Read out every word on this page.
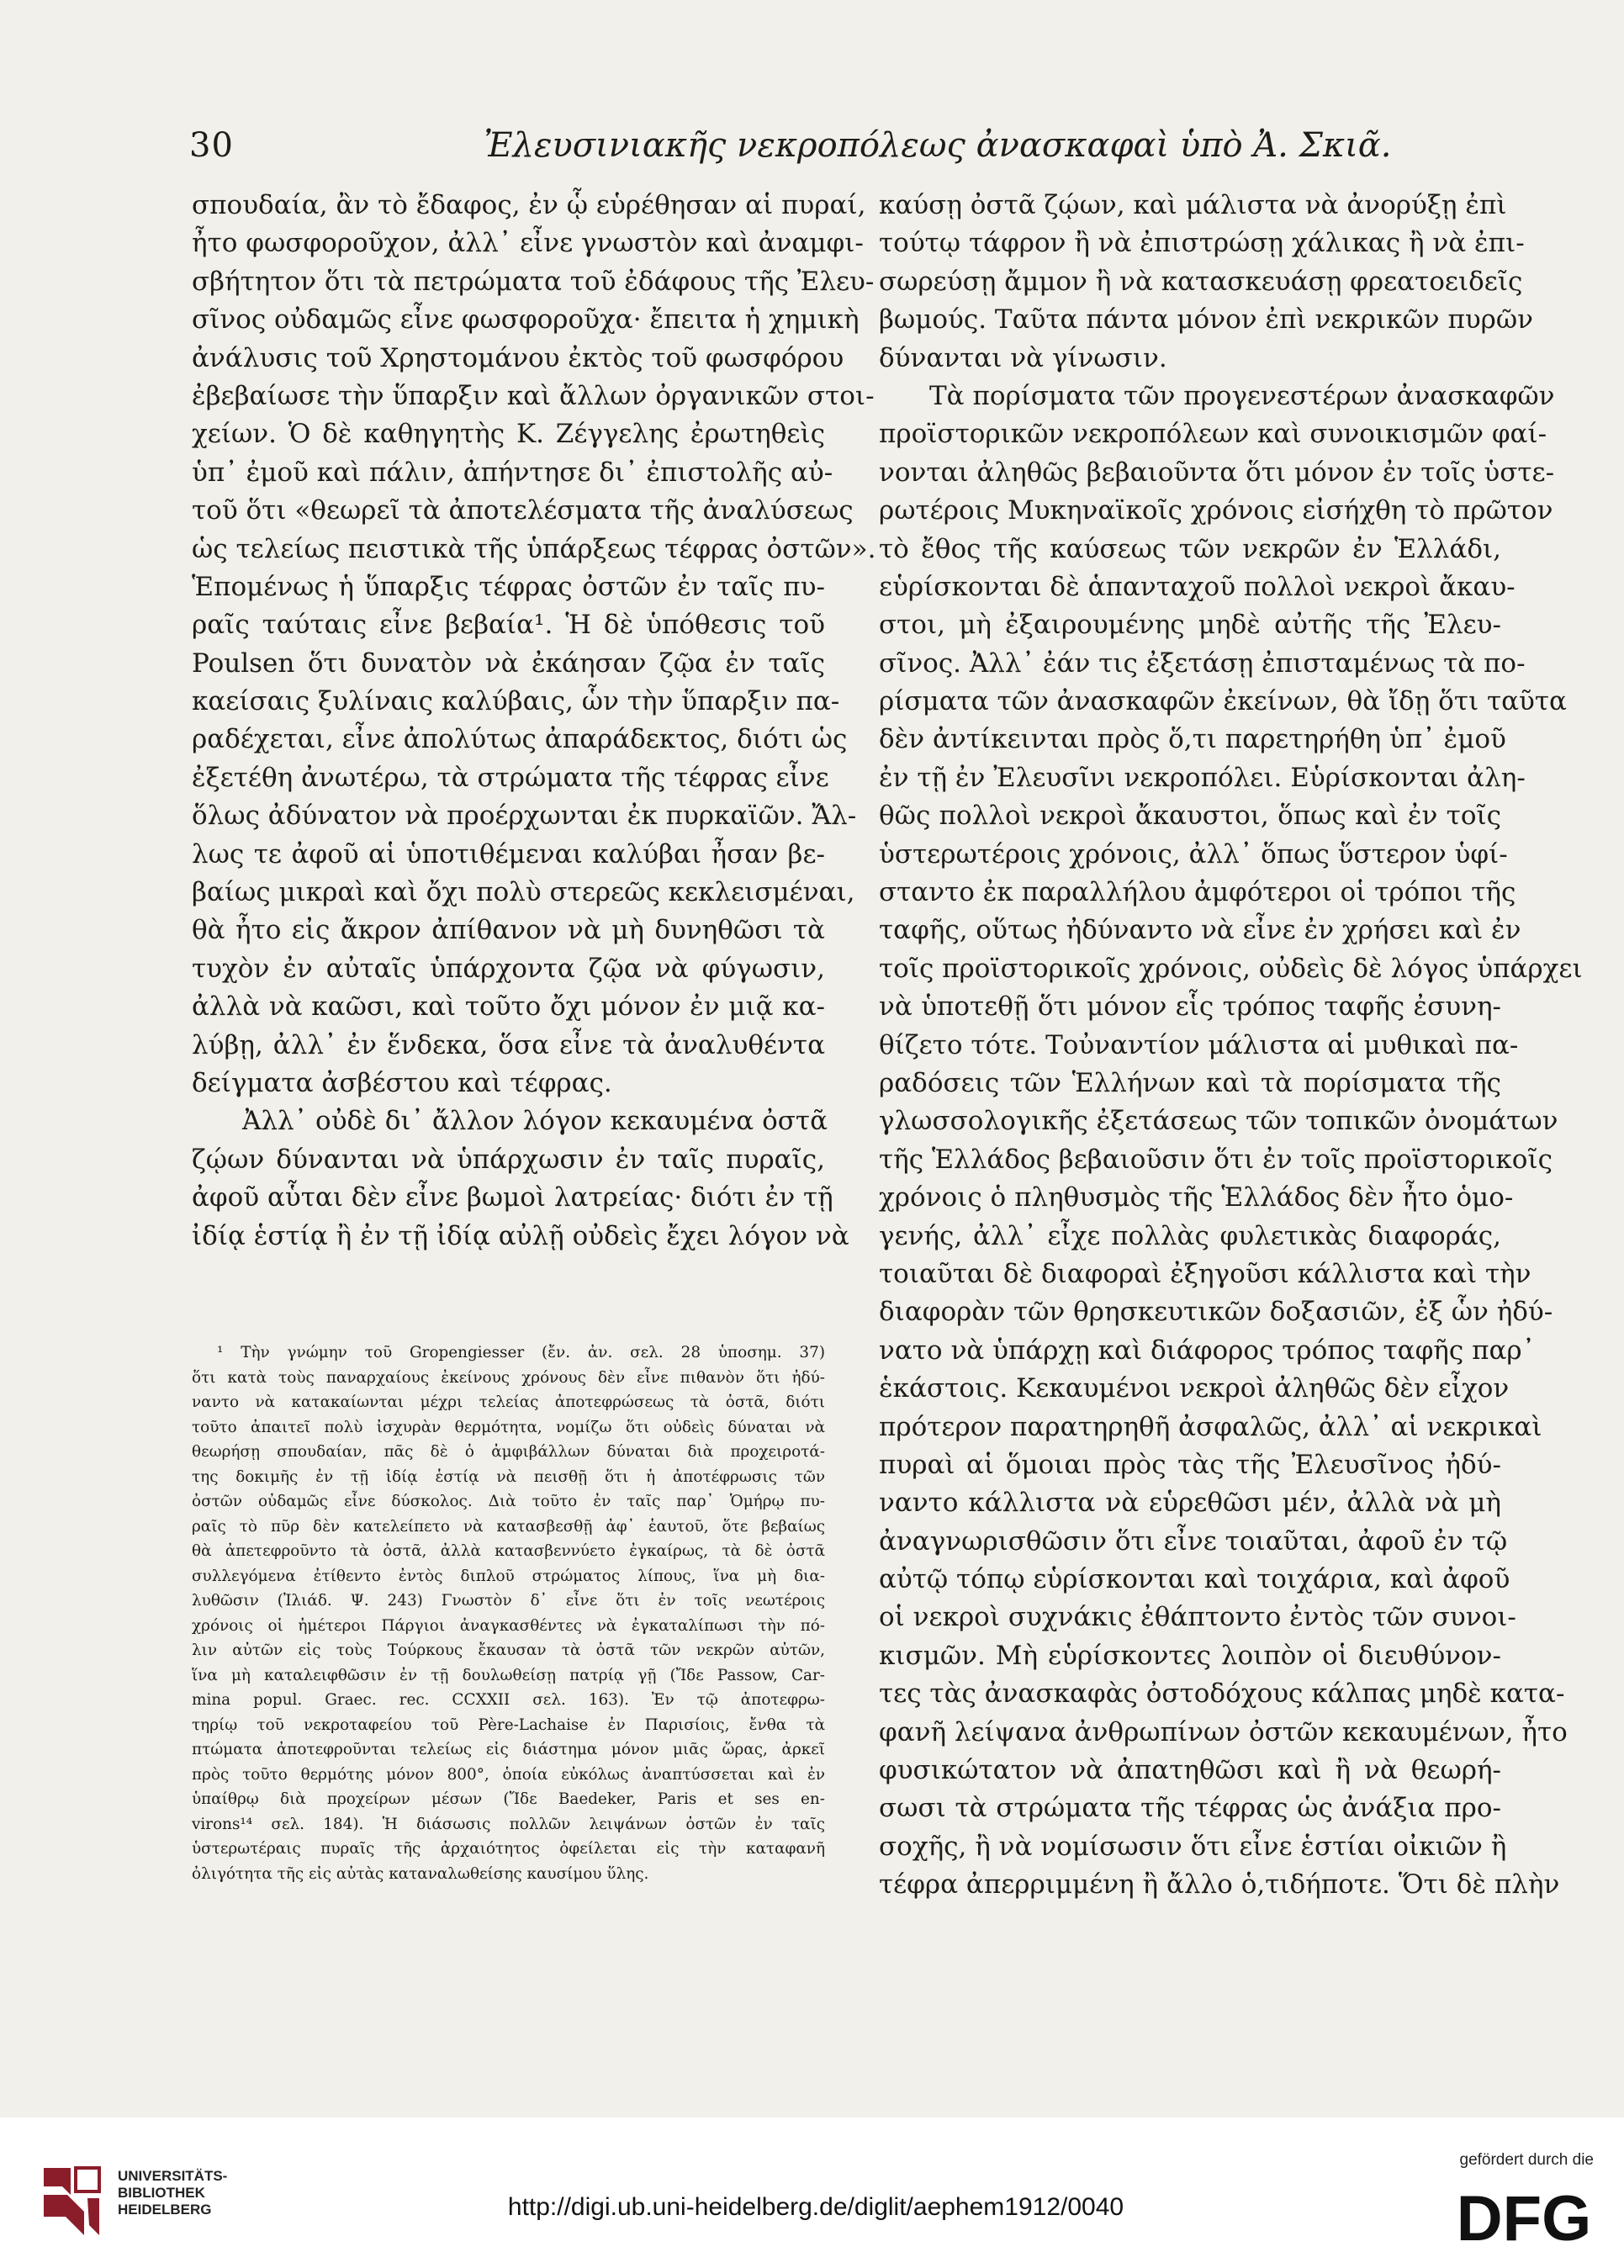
30	Ἐλευσινιακῆς νεκροπόλεως ἀνασκαφαὶ ὑπὸ Ἀ. Σκιᾶ.
σπουδαία, ἂν τὸ ἔδαφος, ἐν ᾧ εὑρέθησαν αἱ πυραί,
ἦτο φωσφοροῦχον, ἀλλ᾽ εἶνε γνωστὸν καὶ ἀναμφι-
σβήτητον ὅτι τὰ πετρώματα τοῦ ἐδάφους τῆς Ἐλευ-
σῖνος οὐδαμῶς εἶνε φωσφοροῦχα· ἔπειτα ἡ χημικὴ
ἀνάλυσις τοῦ Χρηστομάνου ἐκτὸς τοῦ φωσφόρου
ἐβεβαίωσε τὴν ὕπαρξιν καὶ ἄλλων ὀργανικῶν στοι-
χείων. Ὁ δὲ καθηγητὴς Κ. Ζέγγελης ἐρωτηθεὶς
ὑπ᾽ ἐμοῦ καὶ πάλιν, ἀπήντησε δι᾽ ἐπιστολῆς αὐ-
τοῦ ὅτι «θεωρεῖ τὰ ἀποτελέσματα τῆς ἀναλύσεως
ὡς τελείως πειστικὰ τῆς ὑπάρξεως τέφρας ὀστῶν».
Ἑπομένως ἡ ὕπαρξις τέφρας ὀστῶν ἐν ταῖς πυ-
ραῖς ταύταις εἶνε βεβαία¹. Ἡ δὲ ὑπόθεσις τοῦ
Poulsen ὅτι δυνατὸν νὰ ἐκάησαν ζῷα ἐν ταῖς
καείσαις ξυλίναις καλύβαις, ὧν τὴν ὕπαρξιν πα-
ραδέχεται, εἶνε ἀπολύτως ἀπαράδεκτος, διότι ὡς
ἐξετέθη ἀνωτέρω, τὰ στρώματα τῆς τέφρας εἶνε
ὅλως ἀδύνατον νὰ προέρχωνται ἐκ πυρκαϊῶν. Ἄλ-
λως τε ἀφοῦ αἱ ὑποτιθέμεναι καλύβαι ἦσαν βε-
βαίως μικραὶ καὶ ὄχι πολὺ στερεῶς κεκλεισμέναι,
θὰ ἦτο εἰς ἄκρον ἀπίθανον νὰ μὴ δυνηθῶσι τὰ
τυχὸν ἐν αὐταῖς ὑπάρχοντα ζῷα νὰ φύγωσιν,
ἀλλὰ νὰ καῶσι, καὶ τοῦτο ὄχι μόνον ἐν μιᾷ κα-
λύβῃ, ἀλλ᾽ ἐν ἕνδεκα, ὅσα εἶνε τὰ ἀναλυθέντα
δείγματα ἀσβέστου καὶ τέφρας.
Ἀλλ᾽ οὐδὲ δι᾽ ἄλλον λόγον κεκαυμένα ὀστᾶ
ζῴων δύνανται νὰ ὑπάρχωσιν ἐν ταῖς πυραῖς,
ἀφοῦ αὗται δὲν εἶνε βωμοὶ λατρείας· διότι ἐν τῇ
ἰδίᾳ ἑστίᾳ ἢ ἐν τῇ ἰδίᾳ αὐλῇ οὐδεὶς ἔχει λόγον νὰ
¹ Τὴν γνώμην τοῦ Gropengiesser (ἔν. ἀν. σελ. 28 ὑποσημ. 37)
ὅτι κατὰ τοὺς παναρχαίους ἐκείνους χρόνους δὲν εἶνε πιθανὸν ὅτι ἠδύ-
ναντο νὰ κατακαίωνται μέχρι τελείας ἀποτεφρώσεως τὰ ὀστᾶ, διότι
τοῦτο ἀπαιτεῖ πολὺ ἰσχυρὰν θερμότητα, νομίζω ὅτι οὐδεὶς δύναται νὰ
θεωρήσῃ σπουδαίαν, πᾶς δὲ ὁ ἀμφιβάλλων δύναται διὰ προχειροτά-
της δοκιμῆς ἐν τῇ ἰδίᾳ ἑστίᾳ νὰ πεισθῇ ὅτι ἡ ἀποτέφρωσις τῶν
ὀστῶν οὐδαμῶς εἶνε δύσκολος. Διὰ τοῦτο ἐν ταῖς παρ᾽ Ὁμήρῳ πυ-
ραῖς τὸ πῦρ δὲν κατελείπετο νὰ κατασβεσθῇ ἀφ᾽ ἑαυτοῦ, ὅτε βεβαίως
θὰ ἀπετεφροῦντο τὰ ὀστᾶ, ἀλλὰ κατασβεννύετο ἐγκαίρως, τὰ δὲ ὀστᾶ
συλλεγόμενα ἐτίθεντο ἐντὸς διπλοῦ στρώματος λίπους, ἵνα μὴ δια-
λυθῶσιν (Ἰλιάδ. Ψ. 243) Γνωστὸν δ᾽ εἶνε ὅτι ἐν τοῖς νεωτέροις
χρόνοις οἱ ἡμέτεροι Πάργιοι ἀναγκασθέντες νὰ ἐγκαταλίπωσι τὴν πό-
λιν αὐτῶν εἰς τοὺς Τούρκους ἔκαυσαν τὰ ὀστᾶ τῶν νεκρῶν αὐτῶν,
ἵνα μὴ καταλειφθῶσιν ἐν τῇ δουλωθείσῃ πατρίᾳ γῇ (Ἴδε Passow, Car-
mina popul. Graec. rec. CCXXII σελ. 163). Ἐν τῷ ἀποτεφρω-
τηρίῳ τοῦ νεκροταφείου τοῦ Père-Lachaise ἐν Παρισίοις, ἔνθα τὰ
πτώματα ἀποτεφροῦνται τελείως εἰς διάστημα μόνον μιᾶς ὥρας, ἀρκεῖ
πρὸς τοῦτο θερμότης μόνον 800°, ὁποία εὐκόλως ἀναπτύσσεται καὶ ἐν
ὑπαίθρῳ διὰ προχείρων μέσων (Ἴδε Baedeker, Paris et ses en-
virons¹⁴ σελ. 184). Ἡ διάσωσις πολλῶν λειψάνων ὀστῶν ἐν ταῖς
ὑστερωτέραις πυραῖς τῆς ἀρχαιότητος ὀφείλεται εἰς τὴν καταφανῆ
ὀλιγότητα τῆς εἰς αὐτὰς καταναλωθείσης καυσίμου ὕλης.
καύσῃ ὀστᾶ ζῴων, καὶ μάλιστα νὰ ἀνορύξῃ ἐπὶ
τούτῳ τάφρον ἢ νὰ ἐπιστρώσῃ χάλικας ἢ νὰ ἐπι-
σωρεύσῃ ἄμμον ἢ νὰ κατασκευάσῃ φρεατοειδεῖς
βωμούς. Ταῦτα πάντα μόνον ἐπὶ νεκρικῶν πυρῶν
δύνανται νὰ γίνωσιν.
Τὰ πορίσματα τῶν προγενεστέρων ἀνασκαφῶν
προϊστορικῶν νεκροπόλεων καὶ συνοικισμῶν φαί-
νονται ἀληθῶς βεβαιοῦντα ὅτι μόνον ἐν τοῖς ὑστε-
ρωτέροις Μυκηναϊκοῖς χρόνοις εἰσήχθη τὸ πρῶτον
τὸ ἔθος τῆς καύσεως τῶν νεκρῶν ἐν Ἑλλάδι,
εὑρίσκονται δὲ ἁπανταχοῦ πολλοὶ νεκροὶ ἄκαυ-
στοι, μὴ ἐξαιρουμένης μηδὲ αὐτῆς τῆς Ἐλευ-
σῖνος. Ἀλλ᾽ ἐάν τις ἐξετάσῃ ἐπισταμένως τὰ πο-
ρίσματα τῶν ἀνασκαφῶν ἐκείνων, θὰ ἴδῃ ὅτι ταῦτα
δὲν ἀντίκεινται πρὸς ὅ,τι παρετηρήθη ὑπ᾽ ἐμοῦ
ἐν τῇ ἐν Ἐλευσῖνι νεκροπόλει. Εὑρίσκονται ἀλη-
θῶς πολλοὶ νεκροὶ ἄκαυστοι, ὅπως καὶ ἐν τοῖς
ὑστερωτέροις χρόνοις, ἀλλ᾽ ὅπως ὕστερον ὑφί-
σταντο ἐκ παραλλήλου ἀμφότεροι οἱ τρόποι τῆς
ταφῆς, οὕτως ἠδύναντο νὰ εἶνε ἐν χρήσει καὶ ἐν
τοῖς προϊστορικοῖς χρόνοις, οὐδεὶς δὲ λόγος ὑπάρχει
νὰ ὑποτεθῇ ὅτι μόνον εἷς τρόπος ταφῆς ἐσυνη-
θίζετο τότε. Τοὐναντίον μάλιστα αἱ μυθικαὶ πα-
ραδόσεις τῶν Ἑλλήνων καὶ τὰ πορίσματα τῆς
γλωσσολογικῆς ἐξετάσεως τῶν τοπικῶν ὀνομάτων
τῆς Ἑλλάδος βεβαιοῦσιν ὅτι ἐν τοῖς προϊστορικοῖς
χρόνοις ὁ πληθυσμὸς τῆς Ἑλλάδος δὲν ἦτο ὁμο-
γενής, ἀλλ᾽ εἶχε πολλὰς φυλετικὰς διαφοράς,
τοιαῦται δὲ διαφοραὶ ἐξηγοῦσι κάλλιστα καὶ τὴν
διαφορὰν τῶν θρησκευτικῶν δοξασιῶν, ἐξ ὧν ἠδύ-
νατο νὰ ὑπάρχῃ καὶ διάφορος τρόπος ταφῆς παρ᾽
ἑκάστοις. Κεκαυμένοι νεκροὶ ἀληθῶς δὲν εἶχον
πρότερον παρατηρηθῆ ἀσφαλῶς, ἀλλ᾽ αἱ νεκρικαὶ
πυραὶ αἱ ὅμοιαι πρὸς τὰς τῆς Ἐλευσῖνος ἠδύ-
ναντο κάλλιστα νὰ εὑρεθῶσι μέν, ἀλλὰ νὰ μὴ
ἀναγνωρισθῶσιν ὅτι εἶνε τοιαῦται, ἀφοῦ ἐν τῷ
αὐτῷ τόπῳ εὑρίσκονται καὶ τοιχάρια, καὶ ἀφοῦ
οἱ νεκροὶ συχνάκις ἐθάπτοντο ἐντὸς τῶν συνοι-
κισμῶν. Μὴ εὑρίσκοντες λοιπὸν οἱ διευθύνον-
τες τὰς ἀνασκαφὰς ὀστοδόχους κάλπας μηδὲ κατα-
φανῆ λείψανα ἀνθρωπίνων ὀστῶν κεκαυμένων, ἦτο
φυσικώτατον νὰ ἀπατηθῶσι καὶ ἢ νὰ θεωρή-
σωσι τὰ στρώματα τῆς τέφρας ὡς ἀνάξια προ-
σοχῆς, ἢ νὰ νομίσωσιν ὅτι εἶνε ἑστίαι οἰκιῶν ἢ
τέφρα ἀπερριμμένη ἢ ἄλλο ὁ,τιδήποτε. Ὅτι δὲ πλὴν
UNIVERSITÄTS-
BIBLIOTHEK
HEIDELBERG	http://digi.ub.uni-heidelberg.de/diglit/aephem1912/0040
gefördert durch die
DFG
